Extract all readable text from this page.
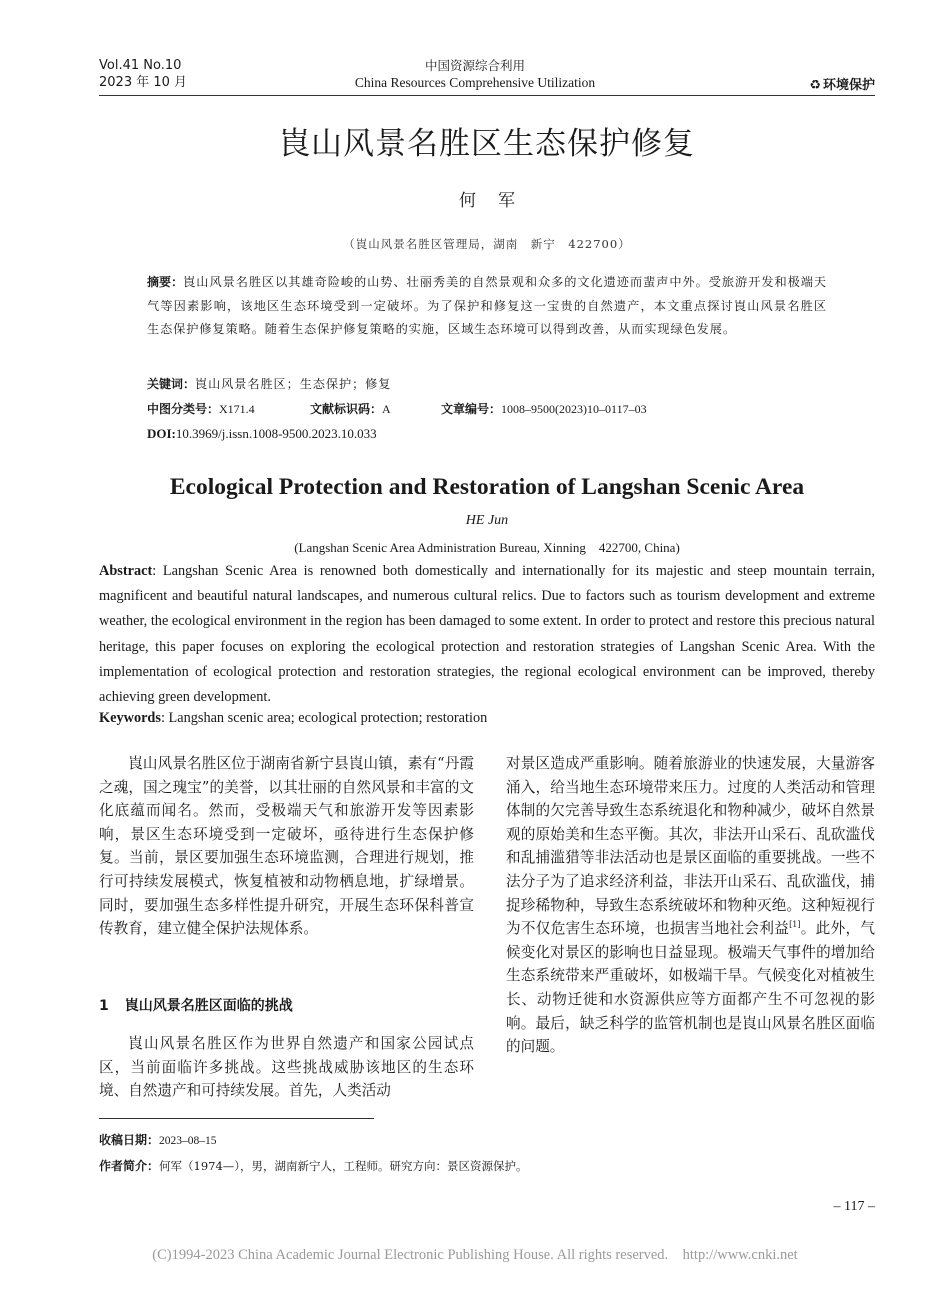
Vol.41 No.10
2023 年 10 月
中国资源综合利用
China Resources Comprehensive Utilization	♻ 环境保护
崀山风景名胜区生态保护修复
何军
（崀山风景名胜区管理局，湖南　新宁　422700）
摘要：崀山风景名胜区以其雄奇险峻的山势、壮丽秀美的自然景观和众多的文化遗迹而蜚声中外。受旅游开发和极端天气等因素影响，该地区生态环境受到一定破坏。为了保护和修复这一宝贵的自然遗产，本文重点探讨崀山风景名胜区生态保护修复策略。随着生态保护修复策略的实施，区域生态环境可以得到改善，从而实现绿色发展。
关键词：崀山风景名胜区；生态保护；修复
中图分类号：X171.4	文献标识码：A	文章编号：1008–9500(2023)10–0117–03
DOI:10.3969/j.issn.1008-9500.2023.10.033
Ecological Protection and Restoration of Langshan Scenic Area
HE Jun
(Langshan Scenic Area Administration Bureau, Xinning　422700, China)
Abstract: Langshan Scenic Area is renowned both domestically and internationally for its majestic and steep mountain terrain, magnificent and beautiful natural landscapes, and numerous cultural relics. Due to factors such as tourism development and extreme weather, the ecological environment in the region has been damaged to some extent. In order to protect and restore this precious natural heritage, this paper focuses on exploring the ecological protection and restoration strategies of Langshan Scenic Area. With the implementation of ecological protection and restoration strategies, the regional ecological environment can be improved, thereby achieving green development.
Keywords: Langshan scenic area; ecological protection; restoration
崀山风景名胜区位于湖南省新宁县崀山镇，素有“丹霞之魂，国之瑰宝”的美誉，以其壮丽的自然风景和丰富的文化底蕴而闻名。然而，受极端天气和旅游开发等因素影响，景区生态环境受到一定破坏，亟待进行生态保护修复。当前，景区要加强生态环境监测，合理进行规划，推行可持续发展模式，恢复植被和动物栖息地，扩绿增景。同时，要加强生态多样性提升研究，开展生态环保科普宣传教育，建立健全保护法规体系。
1 崀山风景名胜区面临的挑战
崀山风景名胜区作为世界自然遗产和国家公园试点区，当前面临许多挑战。这些挑战威胁该地区的生态环境、自然遗产和可持续发展。首先，人类活动
对景区造成严重影响。随着旅游业的快速发展，大量游客涌入，给当地生态环境带来压力。过度的人类活动和管理体制的欠完善导致生态系统退化和物种减少，破坏自然景观的原始美和生态平衡。其次，非法开山采石、乱砍滥伐和乱捕滥猎等非法活动也是景区面临的重要挑战。一些不法分子为了追求经济利益，非法开山采石、乱砍滥伐，捕捉珍稀物种，导致生态系统破坏和物种灭绝。这种短视行为不仅危害生态环境，也损害当地社会利益[1]。此外，气候变化对景区的影响也日益显现。极端天气事件的增加给生态系统带来严重破坏，如极端干旱。气候变化对植被生长、动物迁徙和水资源供应等方面都产生不可忽视的影响。最后，缺乏科学的监管机制也是崀山风景名胜区面临的问题。
收稿日期：2023–08–15
作者简介：何军（1974—），男，湖南新宁人，工程师。研究方向：景区资源保护。
– 117 –
(C)1994-2023 China Academic Journal Electronic Publishing House. All rights reserved.　http://www.cnki.net
